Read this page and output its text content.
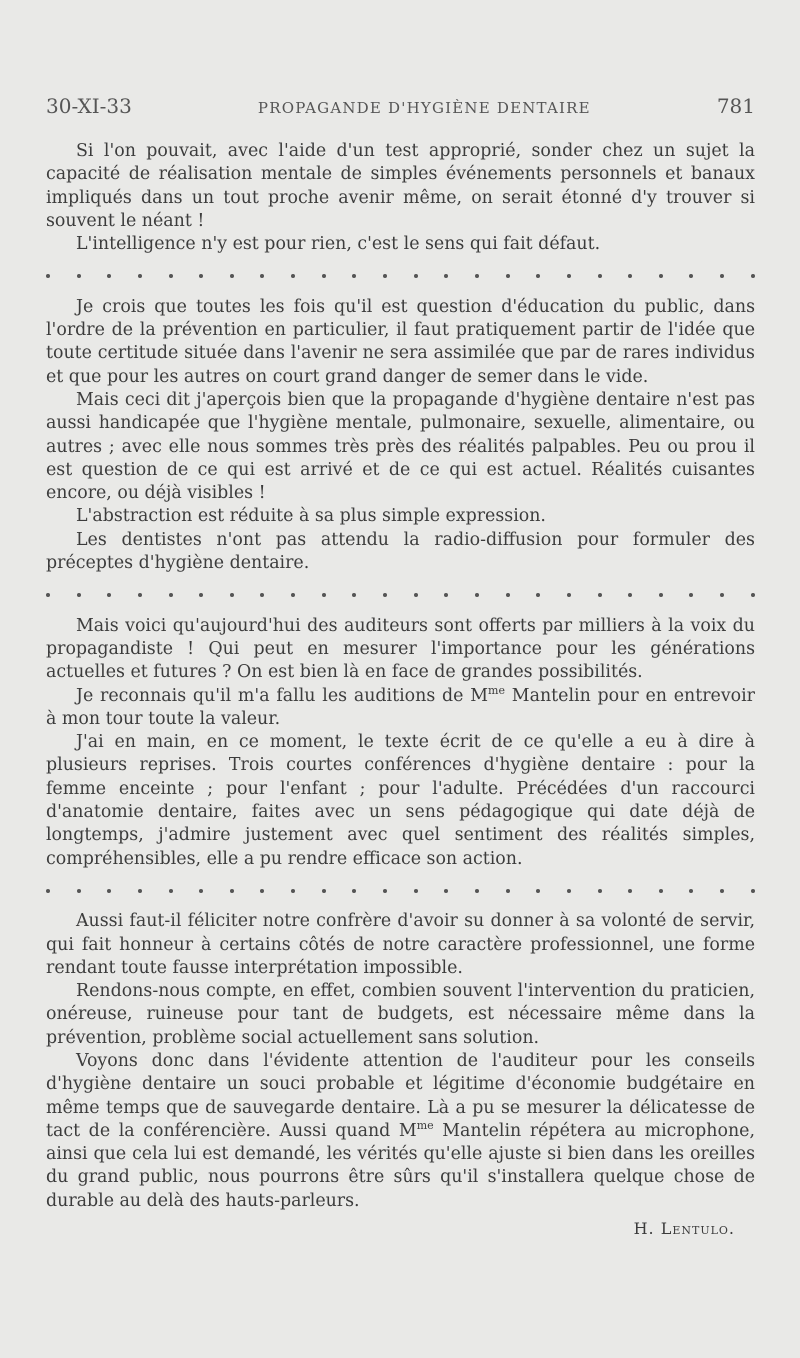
30-XI-33	PROPAGANDE D'HYGIÈNE DENTAIRE	781

Si l'on pouvait, avec l'aide d'un test approprié, sonder chez un sujet la capacité de réalisation mentale de simples événements personnels et banaux impliqués dans un tout proche avenir même, on serait étonné d'y trouver si souvent le néant !

L'intelligence n'y est pour rien, c'est le sens qui fait défaut.

Je crois que toutes les fois qu'il est question d'éducation du public, dans l'ordre de la prévention en particulier, il faut pratiquement partir de l'idée que toute certitude située dans l'avenir ne sera assimilée que par de rares individus et que pour les autres on court grand danger de semer dans le vide.

Mais ceci dit j'aperçois bien que la propagande d'hygiène dentaire n'est pas aussi handicapée que l'hygiène mentale, pulmonaire, sexuelle, alimentaire, ou autres ; avec elle nous sommes très près des réalités palpables. Peu ou prou il est question de ce qui est arrivé et de ce qui est actuel. Réalités cuisantes encore, ou déjà visibles !

L'abstraction est réduite à sa plus simple expression.

Les dentistes n'ont pas attendu la radio-diffusion pour formuler des préceptes d'hygiène dentaire.

Mais voici qu'aujourd'hui des auditeurs sont offerts par milliers à la voix du propagandiste ! Qui peut en mesurer l'importance pour les générations actuelles et futures ? On est bien là en face de grandes possibilités.

Je reconnais qu'il m'a fallu les auditions de $M^{me}$ Mantelin pour en entrevoir à mon tour toute la valeur.

J'ai en main, en ce moment, le texte écrit de ce qu'elle a eu à dire à plusieurs reprises. Trois courtes conférences d'hygiène dentaire : pour la femme enceinte ; pour l'enfant ; pour l'adulte. Précédées d'un raccourci d'anatomie dentaire, faites avec un sens pédagogique qui date déjà de longtemps, j'admire justement avec quel sentiment des réalités simples, compréhensibles, elle a pu rendre efficace son action.

Aussi faut-il féliciter notre confrère d'avoir su donner à sa volonté de servir, qui fait honneur à certains côtés de notre caractère professionnel, une forme rendant toute fausse interprétation impossible.

Rendons-nous compte, en effet, combien souvent l'intervention du praticien, onéreuse, ruineuse pour tant de budgets, est nécessaire même dans la prévention, problème social actuellement sans solution.

Voyons donc dans l'évidente attention de l'auditeur pour les conseils d'hygiène dentaire un souci probable et légitime d'économie budgétaire en même temps que de sauvegarde dentaire. Là a pu se mesurer la délicatesse de tact de la conférencière. Aussi quand $M^{me}$ Mantelin répétera au microphone, ainsi que cela lui est demandé, les vérités qu'elle ajuste si bien dans les oreilles du grand public, nous pourrons être sûrs qu'il s'installera quelque chose de durable au delà des hauts-parleurs.

H. Lentulo.
